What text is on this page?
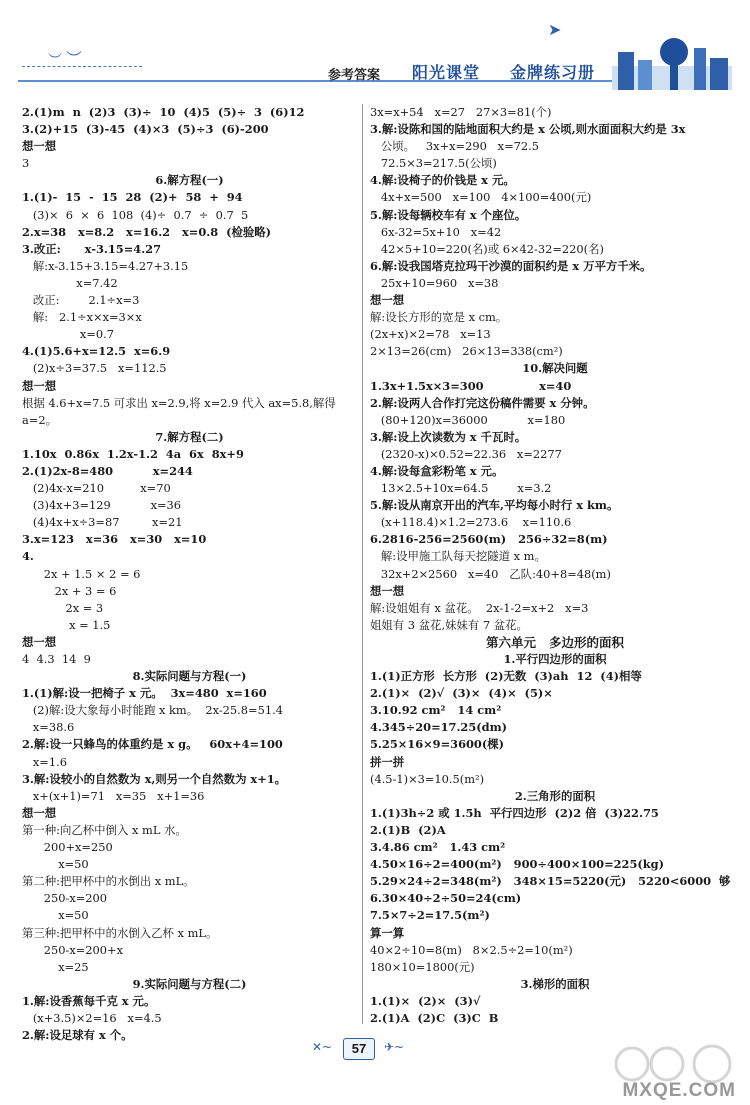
︶ ︶
➤
参考答案 阳光课堂 金牌练习册
2.(1)m  n  (2)3  (3)÷  10  (4)5  (5)÷  3  (6)12
3.(2)+15  (3)-45  (4)×3  (5)÷3  (6)-200
想一想
3
6.解方程(一)
1.(1)-  15  -  15  28  (2)+  58  +  94
(3)×  6  ×  6  108  (4)÷  0.7  ÷  0.7  5
2.x=38   x=8.2   x=16.2   x=0.8  (检验略)
3.改正:      x-3.15=4.27
解:x-3.15+3.15=4.27+3.15
x=7.42
改正:        2.1÷x=3
解:   2.1÷x×x=3×x
x=0.7
4.(1)5.6+x=12.5  x=6.9
(2)x÷3=37.5   x=112.5
想一想
根据 4.6+x=7.5 可求出 x=2.9,将 x=2.9 代入 ax=5.8,解得
a=2。
7.解方程(二)
1.10x  0.86x  1.2x-1.2  4a  6x  8x+9
2.(1)2x-8=480          x=244
(2)4x-x=210          x=70
(3)4x+3=129           x=36
(4)4x+x÷3=87         x=21
3.x=123   x=36   x=30   x=10
4.
2x + 1.5 × 2 = 6
2x + 3 = 6
2x = 3
x = 1.5
想一想
4  4.3  14  9
8.实际问题与方程(一)
1.(1)解:设一把椅子 x 元。  3x=480  x=160
(2)解:设大象每小时能跑 x km。  2x-25.8=51.4
x=38.6
2.解:设一只蜂鸟的体重约是 x g。   60x+4=100
x=1.6
3.解:设较小的自然数为 x,则另一个自然数为 x+1。
x+(x+1)=71   x=35   x+1=36
想一想
第一种:向乙杯中倒入 x mL 水。
200+x=250
x=50
第二种:把甲杯中的水倒出 x mL。
250-x=200
x=50
第三种:把甲杯中的水倒入乙杯 x mL。
250-x=200+x
x=25
9.实际问题与方程(二)
1.解:设香蕉每千克 x 元。
(x+3.5)×2=16   x=4.5
2.解:设足球有 x 个。
3x=x+54   x=27   27×3=81(个)
3.解:设陈和国的陆地面积大约是 x 公顷,则水面面积大约是 3x
公顷。   3x+x=290   x=72.5
72.5×3=217.5(公顷)
4.解:设椅子的价钱是 x 元。
4x+x=500   x=100   4×100=400(元)
5.解:设每辆校车有 x 个座位。
6x-32=5x+10   x=42
42×5+10=220(名)或 6×42-32=220(名)
6.解:设我国塔克拉玛干沙漠的面积约是 x 万平方千米。
25x+10=960   x=38
想一想
解:设长方形的宽是 x cm。
(2x+x)×2=78   x=13
2×13=26(cm)   26×13=338(cm²)
10.解决问题
1.3x+1.5x×3=300              x=40
2.解:设两人合作打完这份稿件需要 x 分钟。
(80+120)x=36000           x=180
3.解:设上次读数为 x 千瓦时。
(2320-x)×0.52=22.36   x=2277
4.解:设每盒彩粉笔 x 元。
13×2.5+10x=64.5        x=3.2
5.解:设从南京开出的汽车,平均每小时行 x km。
(x+118.4)×1.2=273.6    x=110.6
6.2816-256=2560(m)   256÷32=8(m)
解:设甲施工队每天挖隧道 x m。
32x+2×2560   x=40   乙队:40+8=48(m)
想一想
解:设姐姐有 x 盆花。  2x-1-2=x+2   x=3
姐姐有 3 盆花,妹妹有 7 盆花。
第六单元   多边形的面积
1.平行四边形的面积
1.(1)正方形  长方形  (2)无数  (3)ah  12  (4)相等
2.(1)×  (2)√  (3)×  (4)×  (5)×
3.10.92 cm²   14 cm²
4.345÷20=17.25(dm)
5.25×16×9=3600(棵)
拼一拼
(4.5-1)×3=10.5(m²)
2.三角形的面积
1.(1)3h÷2 或 1.5h  平行四边形  (2)2 倍  (3)22.75
2.(1)B  (2)A
3.4.86 cm²   1.43 cm²
4.50×16÷2=400(m²)   900÷400×100=225(kg)
5.29×24÷2=348(m²)   348×15=5220(元)   5220<6000  够
6.30×40÷2÷50=24(cm)
7.5×7÷2=17.5(m²)
算一算
40×2÷10=8(m)   8×2.5÷2=10(m²)
180×10=1800(元)
3.梯形的面积
1.(1)×  (2)×  (3)√
2.(1)A  (2)C  (3)C  B
✕~	57	✈~
MXQE.COM
